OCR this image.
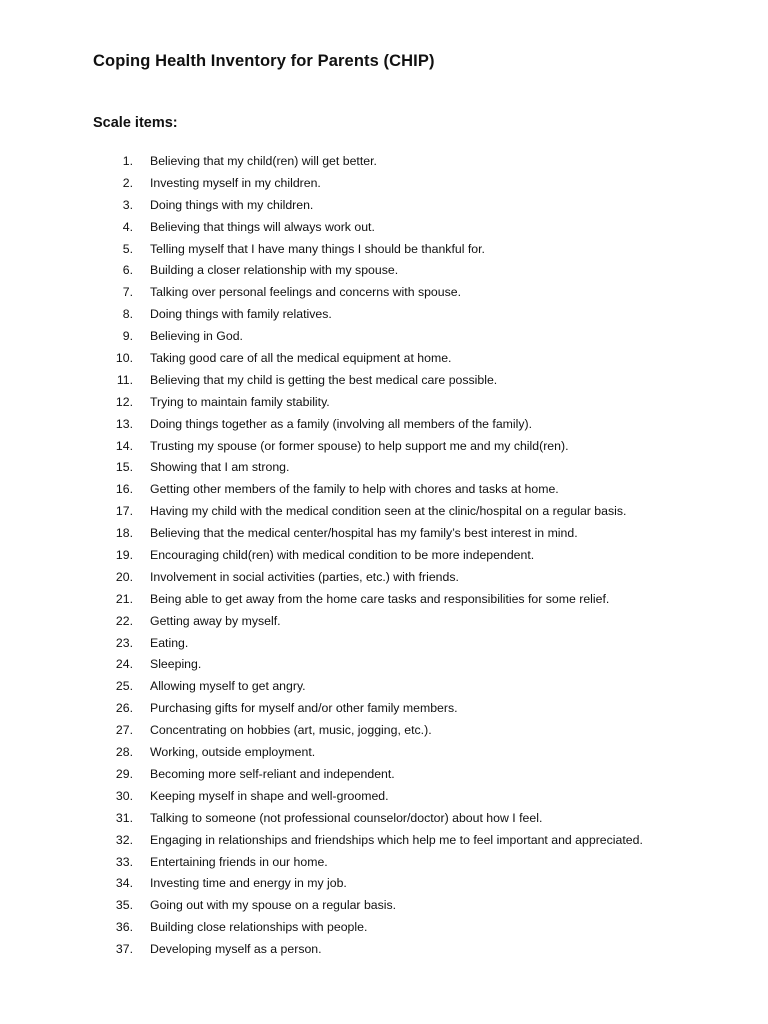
Coping Health Inventory for Parents (CHIP)
Scale items:
1. Believing that my child(ren) will get better.
2. Investing myself in my children.
3. Doing things with my children.
4. Believing that things will always work out.
5. Telling myself that I have many things I should be thankful for.
6. Building a closer relationship with my spouse.
7. Talking over personal feelings and concerns with spouse.
8. Doing things with family relatives.
9. Believing in God.
10. Taking good care of all the medical equipment at home.
11. Believing that my child is getting the best medical care possible.
12. Trying to maintain family stability.
13. Doing things together as a family (involving all members of the family).
14. Trusting my spouse (or former spouse) to help support me and my child(ren).
15. Showing that I am strong.
16. Getting other members of the family to help with chores and tasks at home.
17. Having my child with the medical condition seen at the clinic/hospital on a regular basis.
18. Believing that the medical center/hospital has my family’s best interest in mind.
19. Encouraging child(ren) with medical condition to be more independent.
20. Involvement in social activities (parties, etc.) with friends.
21. Being able to get away from the home care tasks and responsibilities for some relief.
22. Getting away by myself.
23. Eating.
24. Sleeping.
25. Allowing myself to get angry.
26. Purchasing gifts for myself and/or other family members.
27. Concentrating on hobbies (art, music, jogging, etc.).
28. Working, outside employment.
29. Becoming more self-reliant and independent.
30. Keeping myself in shape and well-groomed.
31. Talking to someone (not professional counselor/doctor) about how I feel.
32. Engaging in relationships and friendships which help me to feel important and appreciated.
33. Entertaining friends in our home.
34. Investing time and energy in my job.
35. Going out with my spouse on a regular basis.
36. Building close relationships with people.
37. Developing myself as a person.
